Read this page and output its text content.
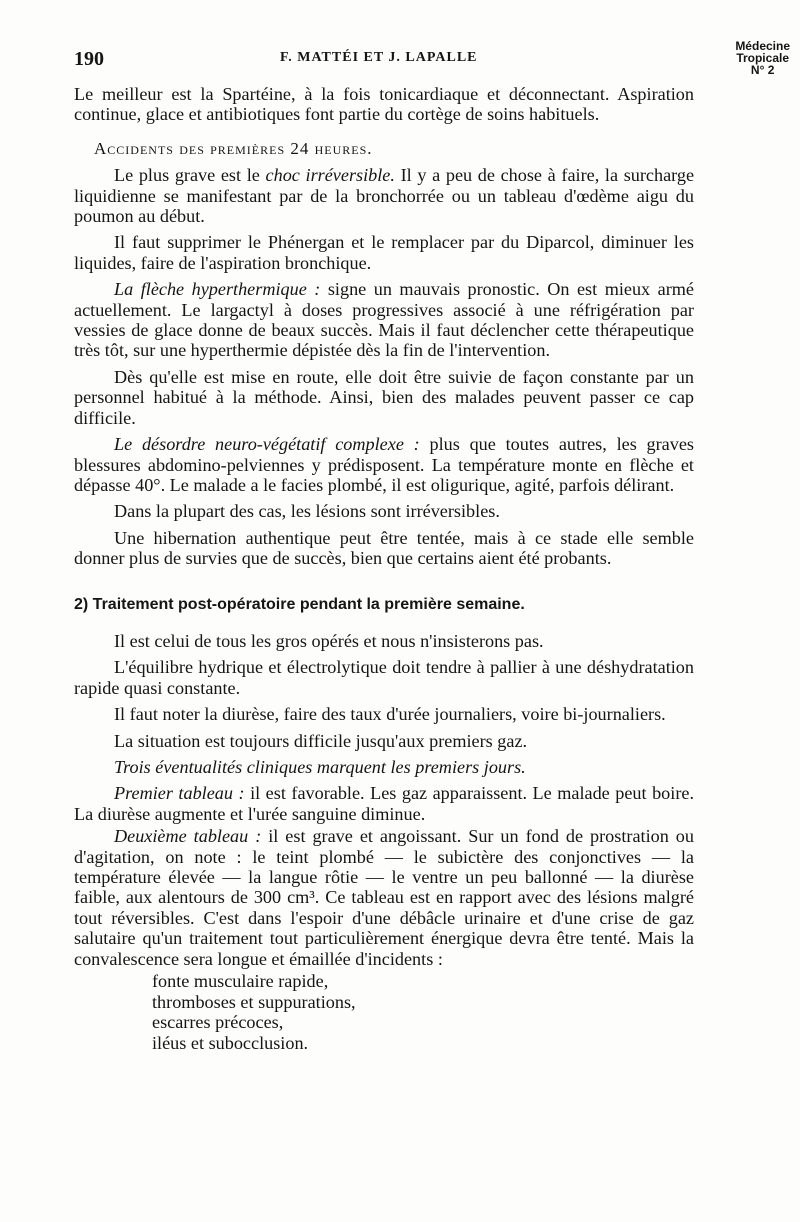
190	F. MATTÉI ET J. LAPALLE
Médecine
Tropicale
N° 2

Le meilleur est la Spartéine, à la fois tonicardiaque et déconnectant. Aspiration continue, glace et antibiotiques font partie du cortège de soins habituels.

Accidents des premières 24 heures.

Le plus grave est le choc irréversible. Il y a peu de chose à faire, la surcharge liquidienne se manifestant par de la bronchorrée ou un tableau d'œdème aigu du poumon au début.

Il faut supprimer le Phénergan et le remplacer par du Diparcol, diminuer les liquides, faire de l'aspiration bronchique.

La flèche hyperthermique : signe un mauvais pronostic. On est mieux armé actuellement. Le largactyl à doses progressives associé à une réfrigération par vessies de glace donne de beaux succès. Mais il faut déclencher cette thérapeutique très tôt, sur une hyperthermie dépistée dès la fin de l'intervention.

Dès qu'elle est mise en route, elle doit être suivie de façon constante par un personnel habitué à la méthode. Ainsi, bien des malades peuvent passer ce cap difficile.

Le désordre neuro-végétatif complexe : plus que toutes autres, les graves blessures abdomino-pelviennes y prédisposent. La température monte en flèche et dépasse 40°. Le malade a le facies plombé, il est oligurique, agité, parfois délirant.

Dans la plupart des cas, les lésions sont irréversibles.

Une hibernation authentique peut être tentée, mais à ce stade elle semble donner plus de survies que de succès, bien que certains aient été probants.

2) Traitement post-opératoire pendant la première semaine.

Il est celui de tous les gros opérés et nous n'insisterons pas.

L'équilibre hydrique et électrolytique doit tendre à pallier à une déshydratation rapide quasi constante.

Il faut noter la diurèse, faire des taux d'urée journaliers, voire bi-journaliers.

La situation est toujours difficile jusqu'aux premiers gaz.

Trois éventualités cliniques marquent les premiers jours.

Premier tableau : il est favorable. Les gaz apparaissent. Le malade peut boire. La diurèse augmente et l'urée sanguine diminue.

Deuxième tableau : il est grave et angoissant. Sur un fond de prostration ou d'agitation, on note : le teint plombé — le subictère des conjonctives — la température élevée — la langue rôtie — le ventre un peu ballonné — la diurèse faible, aux alentours de 300 cm³. Ce tableau est en rapport avec des lésions malgré tout réversibles. C'est dans l'espoir d'une débâcle urinaire et d'une crise de gaz salutaire qu'un traitement tout particulièrement énergique devra être tenté. Mais la convalescence sera longue et émaillée d'incidents :

fonte musculaire rapide,
thromboses et suppurations,
escarres précoces,
iléus et subocclusion.
